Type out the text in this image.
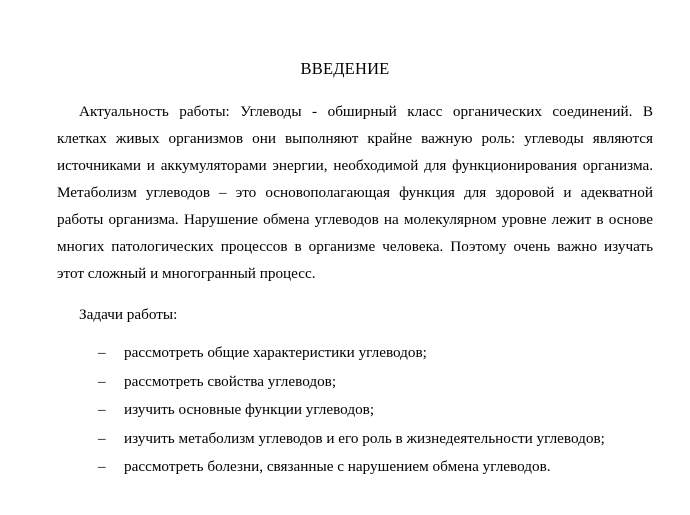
ВВЕДЕНИЕ

Актуальность работы: Углеводы - обширный класс органических соединений. В клетках живых организмов они выполняют крайне важную роль: углеводы являются источниками и аккумуляторами энергии, необходимой для функционирования организма. Метаболизм углеводов – это основополагающая функция для здоровой и адекватной работы организма. Нарушение обмена углеводов на молекулярном уровне лежит в основе многих патологических процессов в организме человека. Поэтому очень важно изучать этот сложный и многогранный процесс.

Задачи работы:
– рассмотреть общие характеристики углеводов;
– рассмотреть свойства углеводов;
– изучить основные функции углеводов;
– изучить метаболизм углеводов и его роль в жизнедеятельности углеводов;
– рассмотреть болезни, связанные с нарушением обмена углеводов.
